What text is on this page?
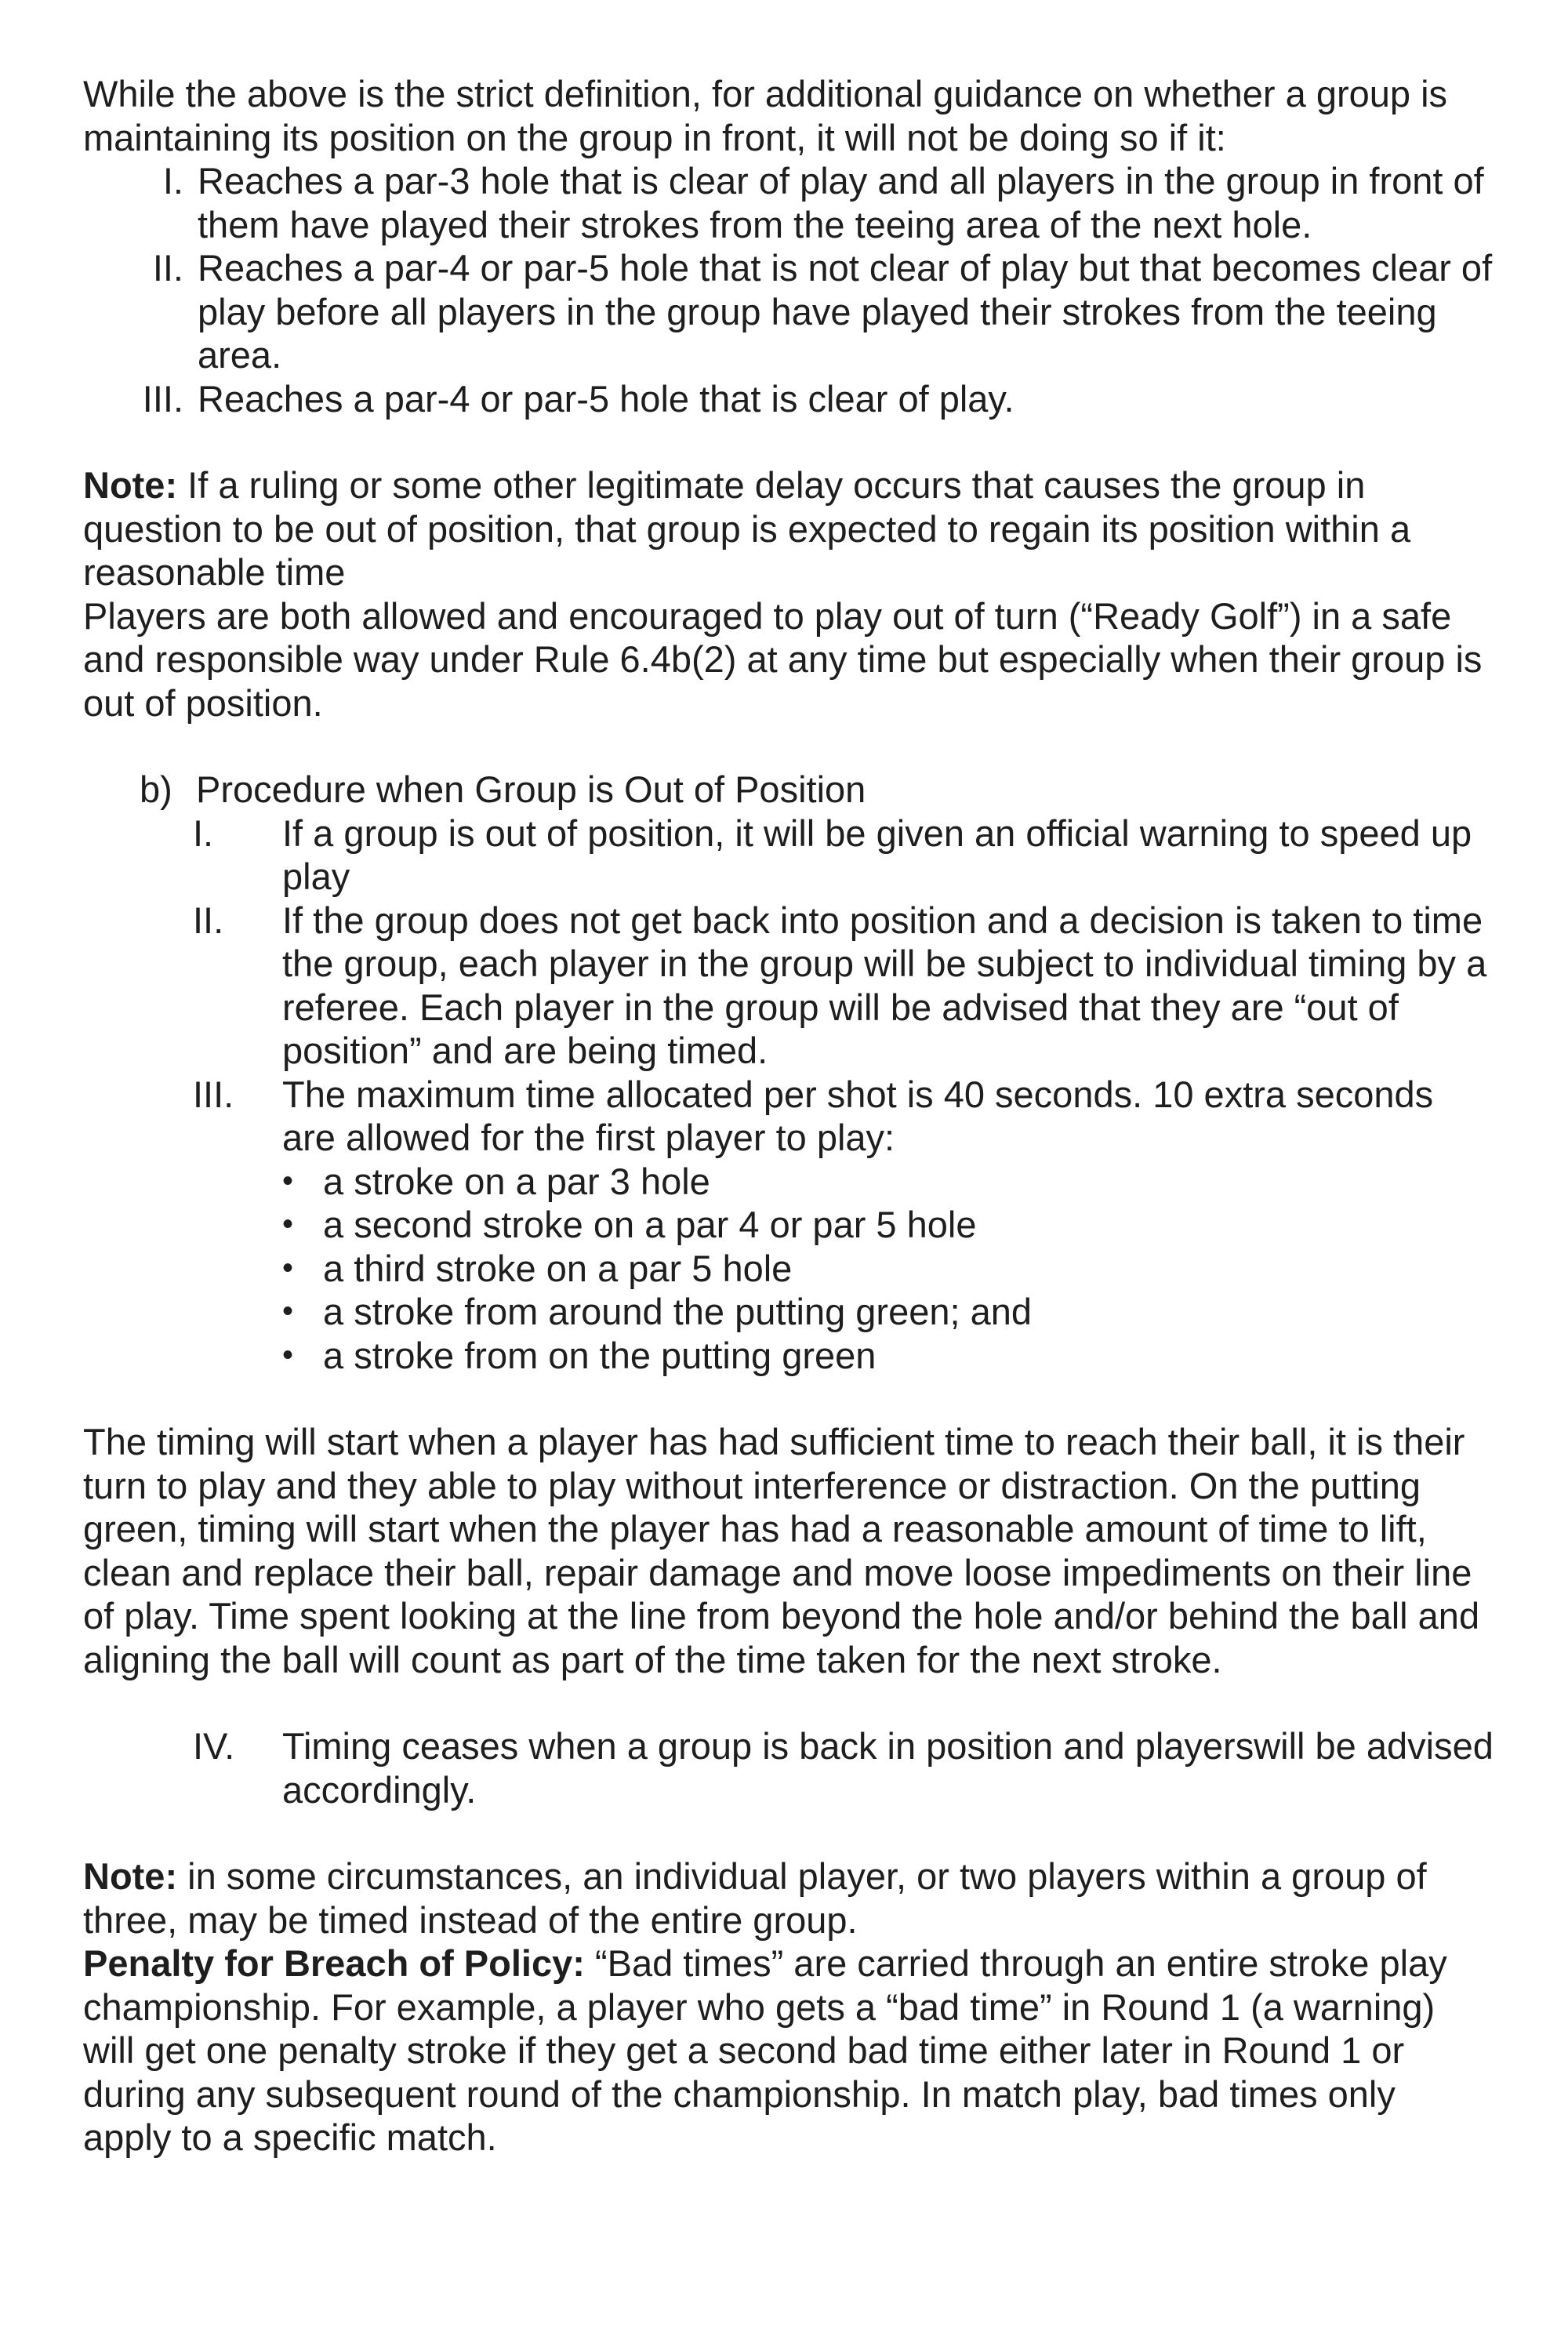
While the above is the strict definition, for additional guidance on whether a group is maintaining its position on the group in front, it will not be doing so if it:

I. Reaches a par-3 hole that is clear of play and all players in the group in front of them have played their strokes from the teeing area of the next hole.
II. Reaches a par-4 or par-5 hole that is not clear of play but that becomes clear of play before all players in the group have played their strokes from the teeing area.
III. Reaches a par-4 or par-5 hole that is clear of play.

Note: If a ruling or some other legitimate delay occurs that causes the group in question to be out of position, that group is expected to regain its position within a reasonable time

Players are both allowed and encouraged to play out of turn (“Ready Golf”) in a safe and responsible way under Rule 6.4b(2) at any time but especially when their group is out of position.

b) Procedure when Group is Out of Position
I.	If a group is out of position, it will be given an official warning to speed up play
II.	If the group does not get back into position and a decision is taken to time the group, each player in the group will be subject to individual timing by a referee. Each player in the group will be advised that they are “out of position” and are being timed.
III.	The maximum time allocated per shot is 40 seconds. 10 extra seconds are allowed for the first player to play:
• a stroke on a par 3 hole
• a second stroke on a par 4 or par 5 hole
• a third stroke on a par 5 hole
• a stroke from around the putting green; and
• a stroke from on the putting green

The timing will start when a player has had sufficient time to reach their ball, it is their turn to play and they able to play without interference or distraction. On the putting green, timing will start when the player has had a reasonable amount of time to lift, clean and replace their ball, repair damage and move loose impediments on their line of play. Time spent looking at the line from beyond the hole and/or behind the ball and aligning the ball will count as part of the time taken for the next stroke.

IV.	Timing ceases when a group is back in position and playerswill be advised accordingly.

Note: in some circumstances, an individual player, or two players within a group of three, may be timed instead of the entire group.

Penalty for Breach of Policy: “Bad times” are carried through an entire stroke play championship. For example, a player who gets a “bad time” in Round 1 (a warning) will get one penalty stroke if they get a second bad time either later in Round 1 or during any subsequent round of the championship. In match play, bad times only apply to a specific match.
